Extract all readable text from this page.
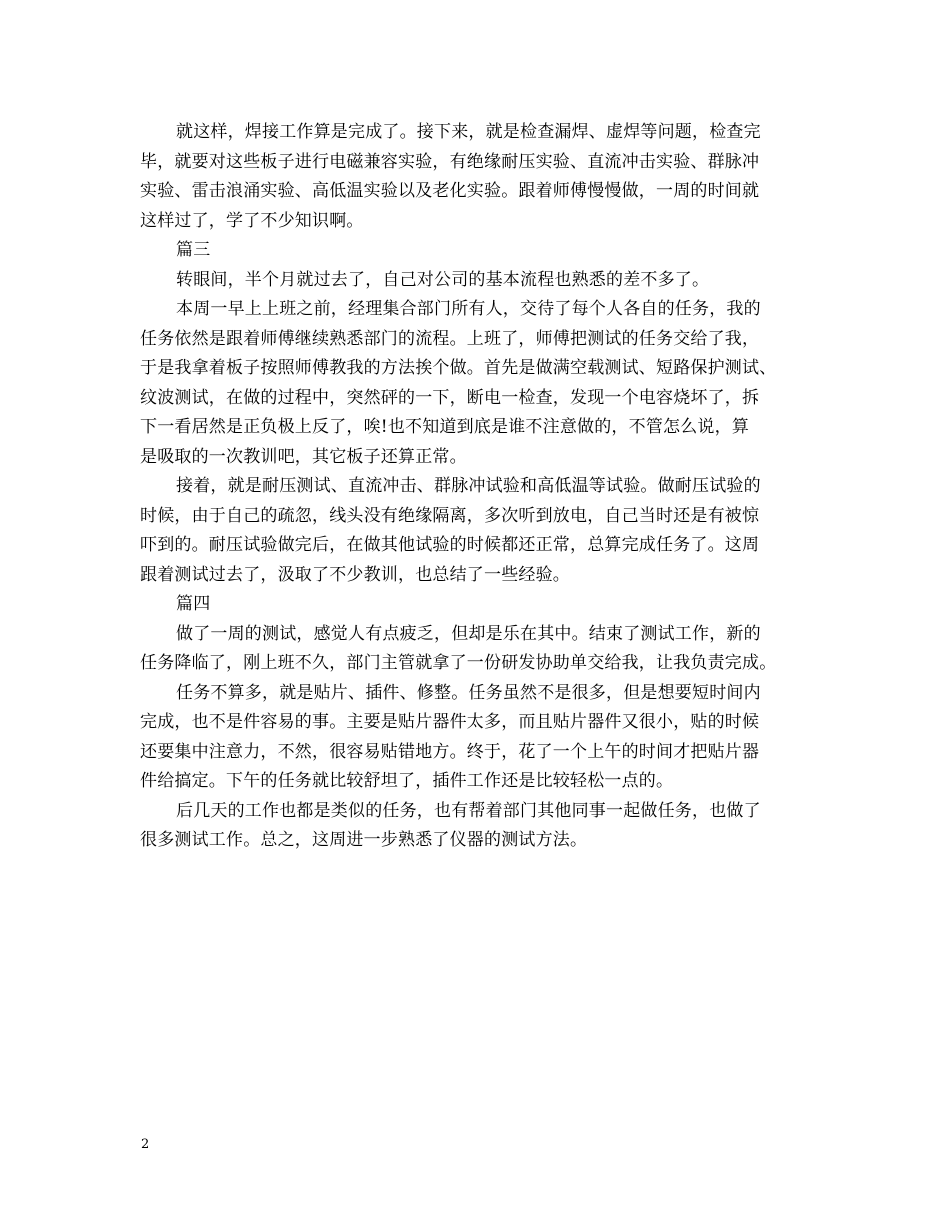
就这样，焊接工作算是完成了。接下来，就是检查漏焊、虚焊等问题，检查完
毕，就要对这些板子进行电磁兼容实验，有绝缘耐压实验、直流冲击实验、群脉冲
实验、雷击浪涌实验、高低温实验以及老化实验。跟着师傅慢慢做，一周的时间就
这样过了，学了不少知识啊。
篇三
转眼间，半个月就过去了，自己对公司的基本流程也熟悉的差不多了。
本周一早上上班之前，经理集合部门所有人，交待了每个人各自的任务，我的
任务依然是跟着师傅继续熟悉部门的流程。上班了，师傅把测试的任务交给了我，
于是我拿着板子按照师傅教我的方法挨个做。首先是做满空载测试、短路保护测试、
纹波测试，在做的过程中，突然砰的一下，断电一检查，发现一个电容烧坏了，拆
下一看居然是正负极上反了，唉!也不知道到底是谁不注意做的，不管怎么说，算
是吸取的一次教训吧，其它板子还算正常。
接着，就是耐压测试、直流冲击、群脉冲试验和高低温等试验。做耐压试验的
时候，由于自己的疏忽，线头没有绝缘隔离，多次听到放电，自己当时还是有被惊
吓到的。耐压试验做完后，在做其他试验的时候都还正常，总算完成任务了。这周
跟着测试过去了，汲取了不少教训，也总结了一些经验。
篇四
做了一周的测试，感觉人有点疲乏，但却是乐在其中。结束了测试工作，新的
任务降临了，刚上班不久，部门主管就拿了一份研发协助单交给我，让我负责完成。
任务不算多，就是贴片、插件、修整。任务虽然不是很多，但是想要短时间内
完成，也不是件容易的事。主要是贴片器件太多，而且贴片器件又很小，贴的时候
还要集中注意力，不然，很容易贴错地方。终于，花了一个上午的时间才把贴片器
件给搞定。下午的任务就比较舒坦了，插件工作还是比较轻松一点的。
后几天的工作也都是类似的任务，也有帮着部门其他同事一起做任务，也做了
很多测试工作。总之，这周进一步熟悉了仪器的测试方法。
2
